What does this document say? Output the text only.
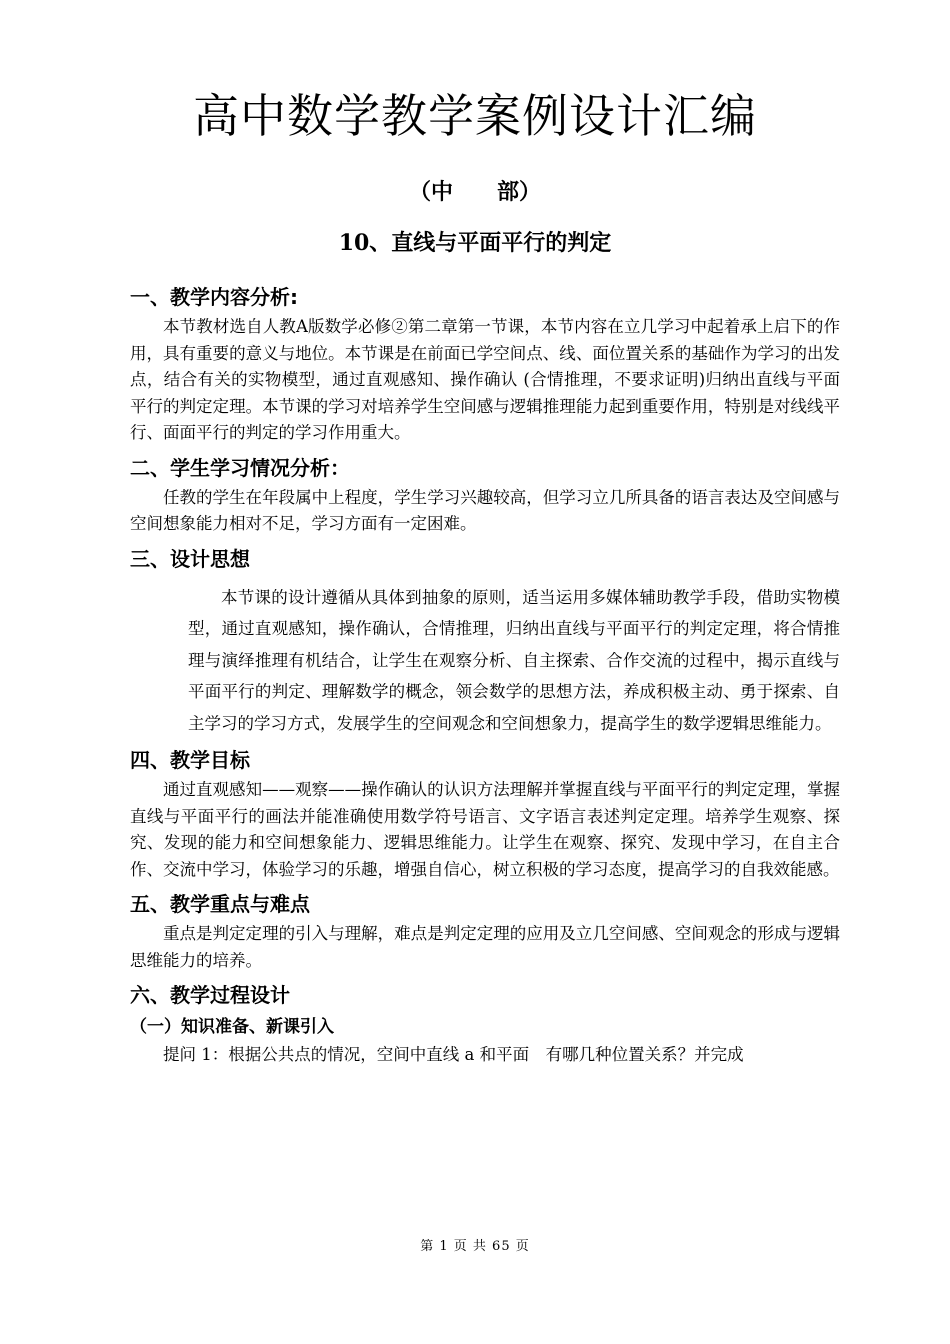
高中数学教学案例设计汇编
（中　　部）
10、直线与平面平行的判定
一、教学内容分析:

本节教材选自人教A版数学必修②第二章第一节课，本节内容在立几学习中起着承上启下的作用，具有重要的意义与地位。本节课是在前面已学空间点、线、面位置关系的基础作为学习的出发点，结合有关的实物模型，通过直观感知、操作确认 (合情推理，不要求证明)归纳出直线与平面平行的判定定理。本节课的学习对培养学生空间感与逻辑推理能力起到重要作用，特别是对线线平行、面面平行的判定的学习作用重大。

二、学生学习情况分析：

任教的学生在年段属中上程度，学生学习兴趣较高，但学习立几所具备的语言表达及空间感与空间想象能力相对不足，学习方面有一定困难。

三、设计思想

本节课的设计遵循从具体到抽象的原则，适当运用多媒体辅助教学手段，借助实物模型，通过直观感知，操作确认，合情推理，归纳出直线与平面平行的判定定理，将合情推理与演绎推理有机结合，让学生在观察分析、自主探索、合作交流的过程中，揭示直线与平面平行的判定、理解数学的概念，领会数学的思想方法，养成积极主动、勇于探索、自主学习的学习方式，发展学生的空间观念和空间想象力，提高学生的数学逻辑思维能力。

四、教学目标

通过直观感知——观察——操作确认的认识方法理解并掌握直线与平面平行的判定定理，掌握直线与平面平行的画法并能准确使用数学符号语言、文字语言表述判定定理。培养学生观察、探究、发现的能力和空间想象能力、逻辑思维能力。让学生在观察、探究、发现中学习，在自主合作、交流中学习，体验学习的乐趣，增强自信心，树立积极的学习态度，提高学习的自我效能感。

五、教学重点与难点

重点是判定定理的引入与理解，难点是判定定理的应用及立几空间感、空间观念的形成与逻辑思维能力的培养。

六、教学过程设计
（一）知识准备、新课引入

提问 1：根据公共点的情况，空间中直线 a 和平面　有哪几种位置关系？并完成

第 1 页 共 65 页
